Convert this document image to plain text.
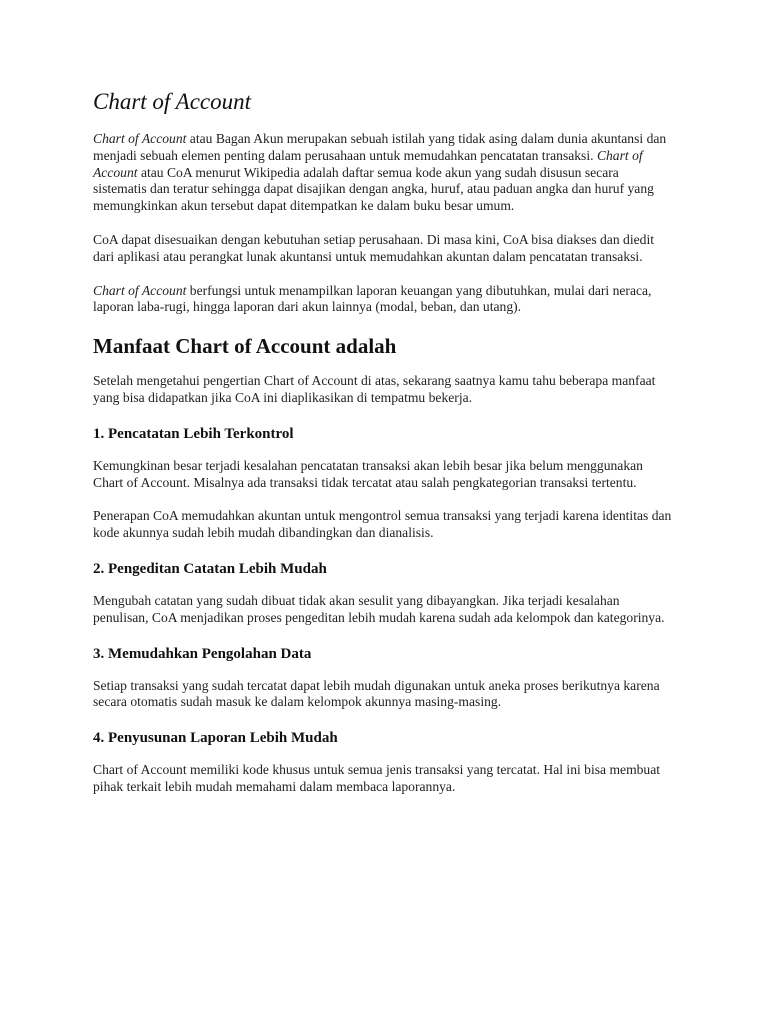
Chart of Account

Chart of Account atau Bagan Akun merupakan sebuah istilah yang tidak asing dalam dunia akuntansi dan menjadi sebuah elemen penting dalam perusahaan untuk memudahkan pencatatan transaksi. Chart of Account atau CoA menurut Wikipedia adalah daftar semua kode akun yang sudah disusun secara sistematis dan teratur sehingga dapat disajikan dengan angka, huruf, atau paduan angka dan huruf yang memungkinkan akun tersebut dapat ditempatkan ke dalam buku besar umum.

CoA dapat disesuaikan dengan kebutuhan setiap perusahaan. Di masa kini, CoA bisa diakses dan diedit dari aplikasi atau perangkat lunak akuntansi untuk memudahkan akuntan dalam pencatatan transaksi.

Chart of Account berfungsi untuk menampilkan laporan keuangan yang dibutuhkan, mulai dari neraca, laporan laba-rugi, hingga laporan dari akun lainnya (modal, beban, dan utang).

Manfaat Chart of Account adalah

Setelah mengetahui pengertian Chart of Account di atas, sekarang saatnya kamu tahu beberapa manfaat yang bisa didapatkan jika CoA ini diaplikasikan di tempatmu bekerja.

1. Pencatatan Lebih Terkontrol

Kemungkinan besar terjadi kesalahan pencatatan transaksi akan lebih besar jika belum menggunakan Chart of Account. Misalnya ada transaksi tidak tercatat atau salah pengkategorian transaksi tertentu.

Penerapan CoA memudahkan akuntan untuk mengontrol semua transaksi yang terjadi karena identitas dan kode akunnya sudah lebih mudah dibandingkan dan dianalisis.

2. Pengeditan Catatan Lebih Mudah

Mengubah catatan yang sudah dibuat tidak akan sesulit yang dibayangkan. Jika terjadi kesalahan penulisan, CoA menjadikan proses pengeditan lebih mudah karena sudah ada kelompok dan kategorinya.

3. Memudahkan Pengolahan Data

Setiap transaksi yang sudah tercatat dapat lebih mudah digunakan untuk aneka proses berikutnya karena secara otomatis sudah masuk ke dalam kelompok akunnya masing-masing.

4. Penyusunan Laporan Lebih Mudah

Chart of Account memiliki kode khusus untuk semua jenis transaksi yang tercatat. Hal ini bisa membuat pihak terkait lebih mudah memahami dalam membaca laporannya.
